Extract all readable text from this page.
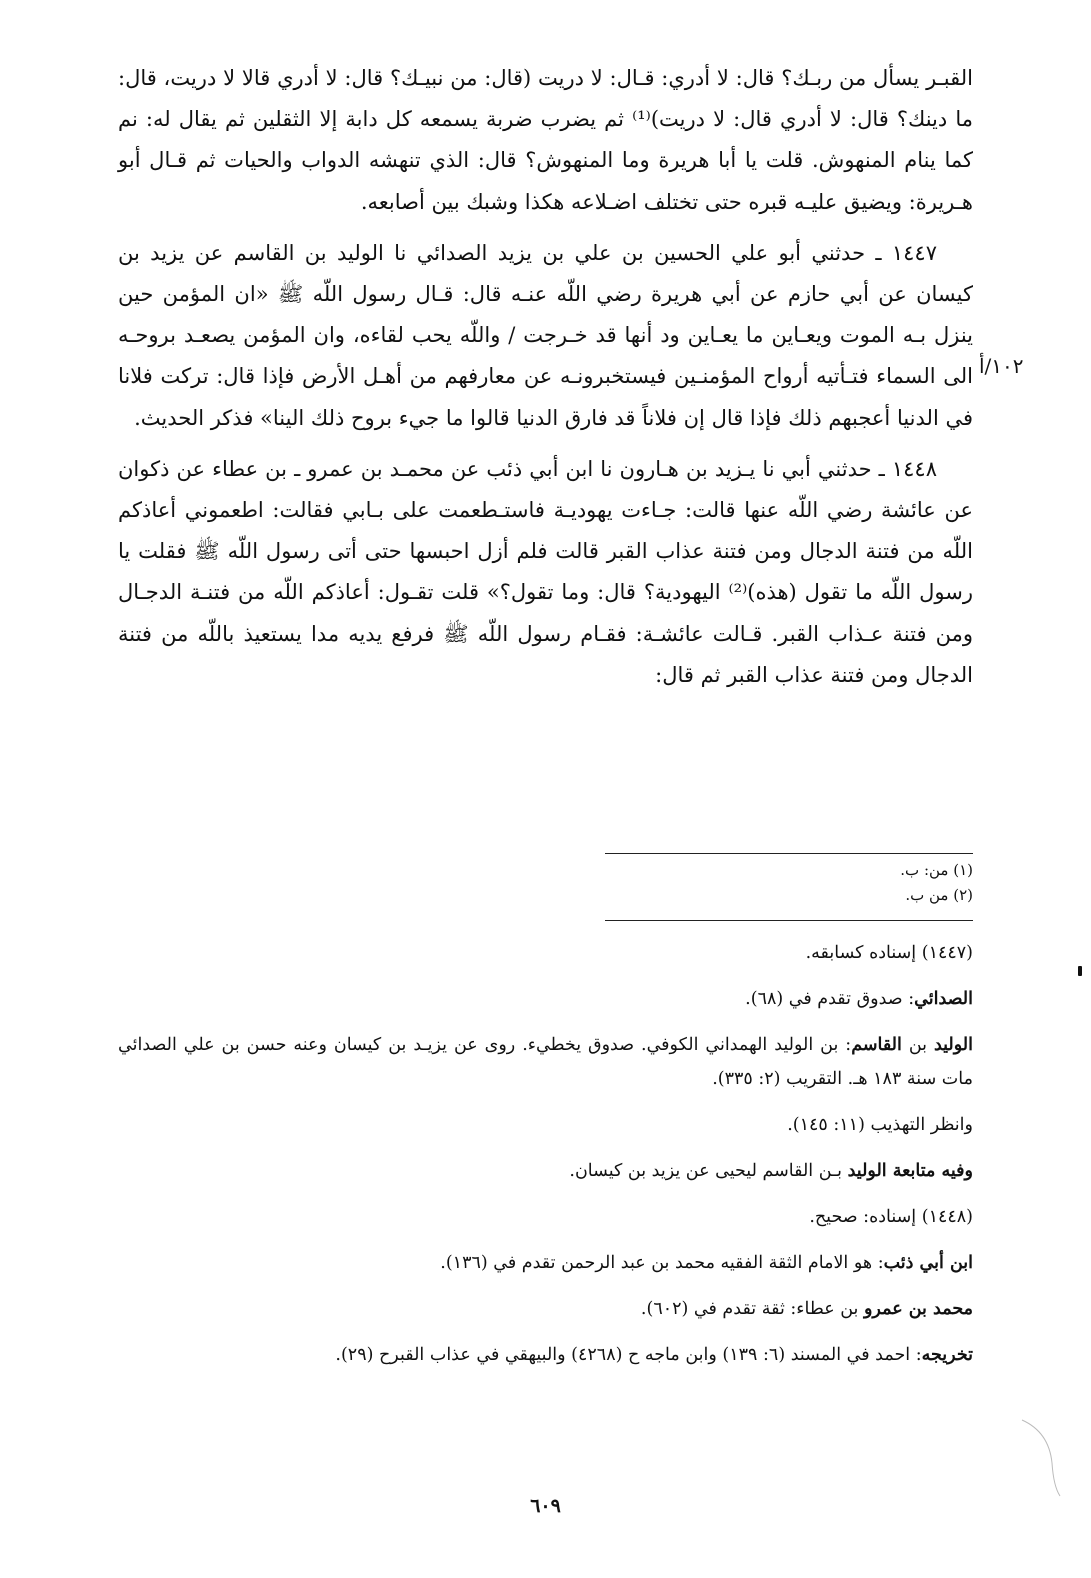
القبـر يسأل من ربـك؟ قال: لا أدري: قـال: لا دريت (قال: من نبيـك؟ قال: لا أدري قالا لا دريت، قال: ما دينك؟ قال: لا أدري قال: لا دريت)⁽¹⁾ ثم يضرب ضربة يسمعه كل دابة إلا الثقلين ثم يقال له: نم كما ينام المنهوش. قلت يا أبا هريرة وما المنهوش؟ قال: الذي تنهشه الدواب والحيات ثم قـال أبو هـريرة: ويضيق عليـه قبره حتى تختلف اضـلاعه هكذا وشبك بين أصابعه.

١٤٤٧ ـ حدثني أبو علي الحسين بن علي بن يزيد الصدائي نا الوليد بن القاسم عن يزيد بن كيسان عن أبي حازم عن أبي هريرة رضي اللّه عنـه قال: قـال رسول اللّه ﷺ «ان المؤمن حين ينزل بـه الموت ويعـاين ما يعـاين ود أنها قد خـرجت / واللّه يحب لقاءه، وان المؤمن يصعـد بروحـه الى السماء فتـأتيه أرواح المؤمنـين فيستخبرونـه عن معارفهم من أهـل الأرض فإذا قال: تركت فلانا في الدنيا أعجبهم ذلك فإذا قال إن فلاناً قد فارق الدنيا قالوا ما جيء بروح ذلك الينا» فذكر الحديث.

١٤٤٨ ـ حدثني أبي نا يـزيد بن هـارون نا ابن أبي ذئب عن محمـد بن عمرو ـ بن عطاء عن ذكوان عن عائشة رضي اللّه عنها قالت: جـاءت يهوديـة فاستـطعمت على بـابي فقالت: اطعموني أعاذكم اللّه من فتنة الدجال ومن فتنة عذاب القبر قالت فلم أزل احبسها حتى أتى رسول اللّه ﷺ فقلت يا رسول اللّه ما تقول (هذه)⁽²⁾ اليهودية؟ قال: وما تقول؟» قلت تقـول: أعاذكم اللّه من فتنـة الدجـال ومن فتنة عـذاب القبر. قـالت عائشـة: فقـام رسول اللّه ﷺ فرفع يديه مدا يستعيذ باللّه من فتنة الدجال ومن فتنة عذاب القبر ثم قال:

١٠٢/أ
(١) من: ب.
(٢) من ب.

(١٤٤٧) إسناده كسابقه.

الصدائي: صدوق تقدم في (٦٨).

الوليد بن القاسم: بن الوليد الهمداني الكوفي. صدوق يخطيء. روى عن يزيـد بن كيسان وعنه حسن بن علي الصدائي مات سنة ١٨٣ هـ. التقريب (٢: ٣٣٥).

وانظر التهذيب (١١: ١٤٥).

وفيه متابعة الوليد بـن القاسم ليحيى عن يزيد بن كيسان.

(١٤٤٨) إسناده: صحيح.

ابن أبي ذئب: هو الامام الثقة الفقيه محمد بن عبد الرحمن تقدم في (١٣٦).

محمد بن عمرو بن عطاء: ثقة تقدم في (٦٠٢).

تخريجه: احمد في المسند (٦: ١٣٩) وابن ماجه ح (٤٢٦٨) والبيهقي في عذاب القبرح (٢٩).

٦٠٩
